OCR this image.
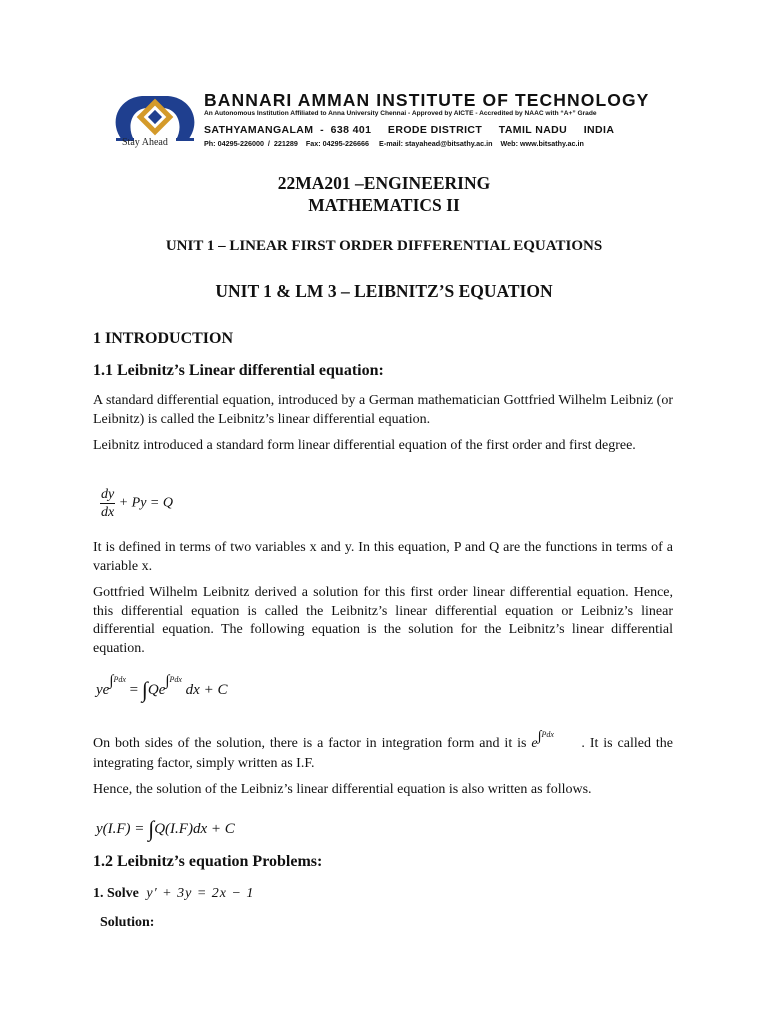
Stay Ahead
BANNARI AMMAN INSTITUTE OF TECHNOLOGY
An Autonomous Institution Affiliated to Anna University Chennai - Approved by AICTE - Accredited by NAAC with “A+” Grade
SATHYAMANGALAM  -  638 401     ERODE DISTRICT     TAMIL NADU     INDIA
Ph: 04295-226000  /  221289    Fax: 04295-226666     E-mail: stayahead@bitsathy.ac.in    Web: www.bitsathy.ac.in
22MA201 –ENGINEERING
MATHEMATICS II
UNIT 1 – LINEAR FIRST ORDER DIFFERENTIAL EQUATIONS
UNIT 1 & LM 3 – LEIBNITZ’S EQUATION
1 INTRODUCTION
1.1 Leibnitz’s Linear differential equation:
A standard differential equation, introduced by a German mathematician Gottfried Wilhelm Leibniz (or Leibnitz) is called the Leibnitz’s linear differential equation.
Leibnitz introduced a standard form linear differential equation of the first order and first degree.
$\frac{dy}{dx} + Py = Q$
It is defined in terms of two variables x and y. In this equation, P and Q are the functions in terms of a variable x.
Gottfried Wilhelm Leibnitz derived a solution for this first order linear differential equation. Hence, this differential equation is called the Leibnitz’s linear differential equation or Leibniz’s linear differential equation. The following equation is the solution for the Leibnitz’s linear differential equation.
ye∫$^{Pdx}$ = ∫Qe∫$^{Pdx}$ dx + C
On both sides of the solution, there is a factor in integration form and it is e∫$^{Pdx}$. It is called the integrating factor, simply written as I.F.
Hence, the solution of the Leibniz’s linear differential equation is also written as follows.
y(I.F) = ∫Q(I.F)dx + C
1.2 Leibnitz’s equation Problems:
1. Solve y′ + 3y = 2x − 1
Solution:
